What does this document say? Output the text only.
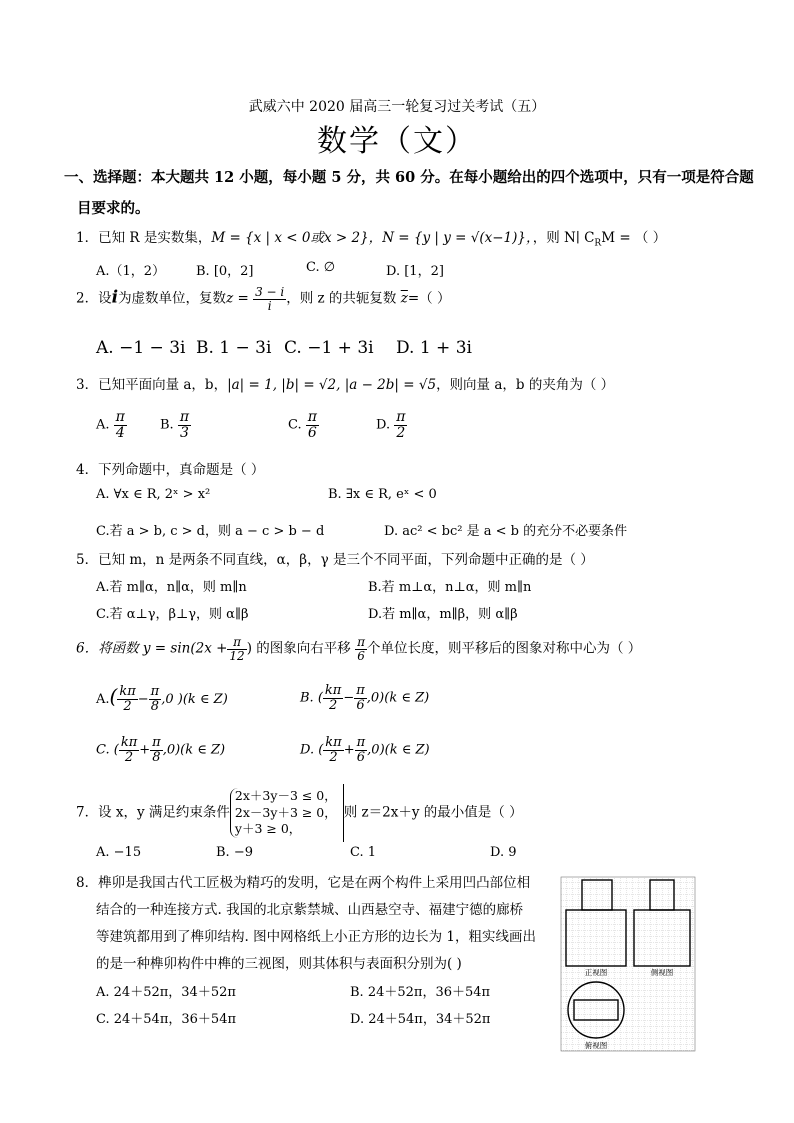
武威六中 2020 届高三一轮复习过关考试（五）
数学（文）
一、选择题：本大题共 12 小题，每小题 5 分，共 60 分。在每小题给出的四个选项中，只有一项是符合题
目要求的。
1．已知 R 是实数集，M = {x | x < 0或x > 2}，N = {y | y = √(x−1)}，，则 N∣ $C_RM$ = （ ）
A.（1，2） B. [0，2]	C. ∅	D. [1，2]
2．设i为虚数单位，复数$z = \frac{3 - i}{i}$ ，则 z 的共轭复数 $\overline{z}=$（ ）
A. −1 − 3i B. 1 − 3i C. −1 + 3i D. 1 + 3i
3．已知平面向量 a，b，|a| = 1, |b| = √2, |a − 2b| = √5，则向量 a，b 的夹角为（ ）
A. $\frac{\pi}{4}$	B. $\frac{\pi}{3}$	C. $\frac{\pi}{6}$	D. $\frac{\pi}{2}$
4．下列命题中，真命题是（ ）
A. ∀x ∈ R, 2ˣ > x²	B. ∃x ∈ R, eˣ < 0
C.若 a > b, c > d，则 a − c > b − d	D. ac² < bc² 是 a < b 的充分不必要条件
5．已知 m，n 是两条不同直线，α，β，γ 是三个不同平面，下列命题中正确的是（ ）
A.若 m∥α，n∥α，则 m∥n	B.若 m⊥α，n⊥α，则 m∥n
C.若 α⊥γ，β⊥γ，则 α∥β	D.若 m∥α，m∥β，则 α∥β
6．将函数 $y = \sin(2x + \frac{\pi}{12}$ ) 的图象向右平移 $\frac{\pi}{6}$ 个单位长度，则平移后的图象对称中心为（ ）
$A.( \frac{k\pi}{2} - \frac{\pi}{8} ,0$ )(k ∈ Z)	B. ( $\frac{k\pi}{2} - \frac{\pi}{6} ,0)(k$ ∈ Z)
C. ( $\frac{k\pi}{2} + \frac{\pi}{8} ,0)(k$ ∈ Z)	D. ( $\frac{k\pi}{2} + \frac{\pi}{6} ,0)(k$ ∈ Z)
7．设 x，y 满足约束条件
2x＋3y－3 ≤ 0，
2x－3y＋3 ≥ 0，
y＋3 ≥ 0，
则 z＝2x＋y 的最小值是（ ）
A. −15	B. −9	C. 1	D. 9
8．榫卯是我国古代工匠极为精巧的发明，它是在两个构件上采用凹凸部位相
结合的一种连接方式. 我国的北京紫禁城、山西悬空寺、福建宁德的廊桥
等建筑都用到了榫卯结构. 图中网格纸上小正方形的边长为 1，粗实线画出
的是一种榫卯构件中榫的三视图，则其体积与表面积分别为( )
A. 24＋52π，34＋52π	B. 24＋52π，36＋54π
C. 24＋54π，36＋54π	D. 24＋54π，34＋52π
正视图	侧视图
俯视图
